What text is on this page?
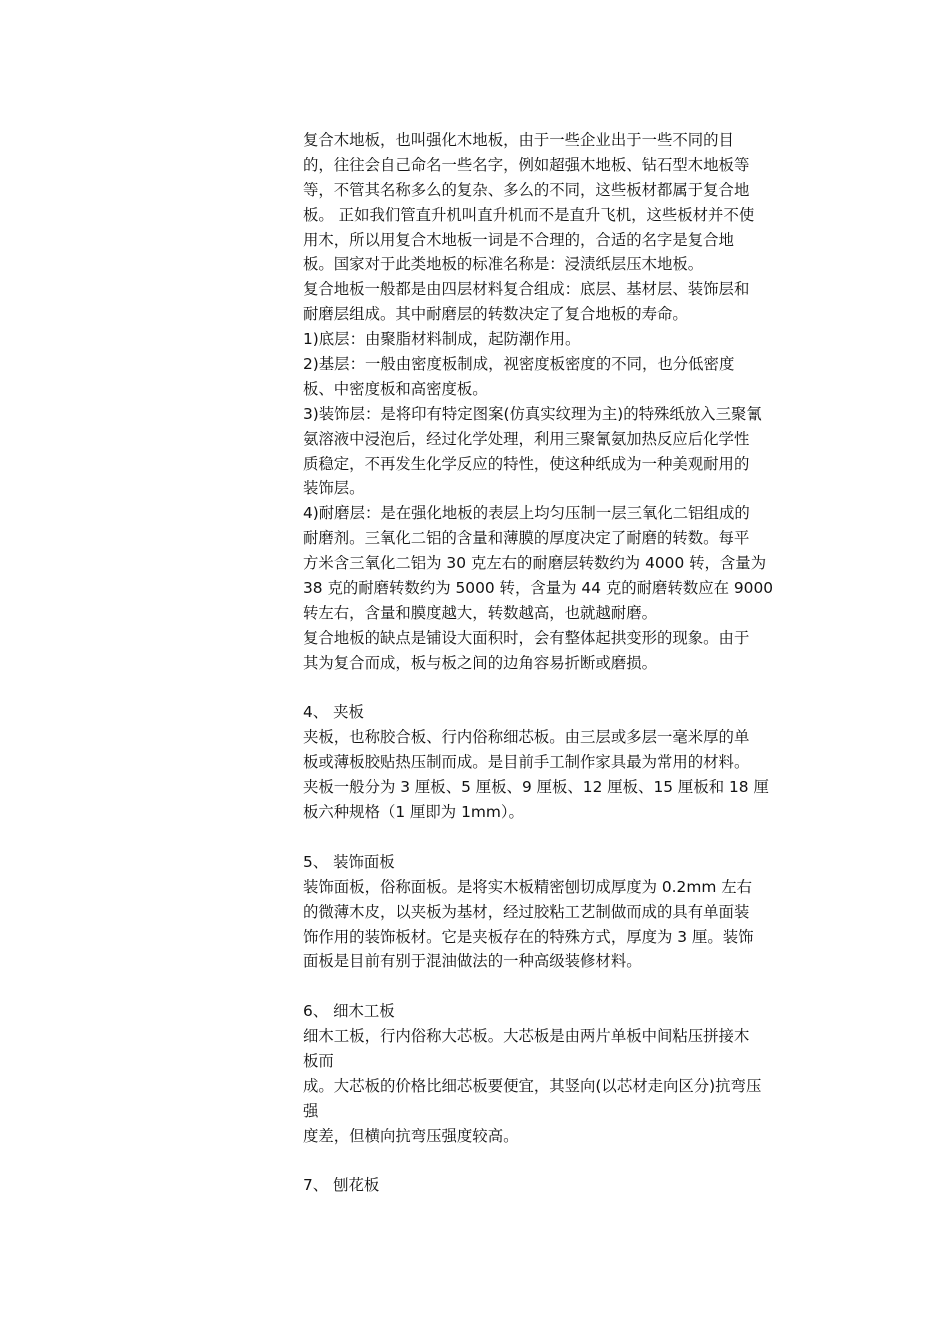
复合木地板，也叫强化木地板，由于一些企业出于一些不同的目
的，往往会自己命名一些名字，例如超强木地板、钻石型木地板等
等，不管其名称多么的复杂、多么的不同，这些板材都属于复合地
板。 正如我们管直升机叫直升机而不是直升飞机，这些板材并不使
用木，所以用复合木地板一词是不合理的，合适的名字是复合地
板。国家对于此类地板的标准名称是：浸渍纸层压木地板。
复合地板一般都是由四层材料复合组成：底层、基材层、装饰层和
耐磨层组成。其中耐磨层的转数决定了复合地板的寿命。
1)底层：由聚脂材料制成，起防潮作用。
2)基层：一般由密度板制成，视密度板密度的不同，也分低密度
板、中密度板和高密度板。
3)装饰层：是将印有特定图案(仿真实纹理为主)的特殊纸放入三聚氰
氨溶液中浸泡后，经过化学处理，利用三聚氰氨加热反应后化学性
质稳定，不再发生化学反应的特性，使这种纸成为一种美观耐用的
装饰层。
4)耐磨层：是在强化地板的表层上均匀压制一层三氧化二铝组成的
耐磨剂。三氧化二铝的含量和薄膜的厚度决定了耐磨的转数。每平
方米含三氧化二铝为 30 克左右的耐磨层转数约为 4000 转，含量为
38 克的耐磨转数约为 5000 转，含量为 44 克的耐磨转数应在 9000
转左右，含量和膜度越大，转数越高，也就越耐磨。
复合地板的缺点是铺设大面积时，会有整体起拱变形的现象。由于
其为复合而成，板与板之间的边角容易折断或磨损。
4、 夹板
夹板，也称胶合板、行内俗称细芯板。由三层或多层一毫米厚的单
板或薄板胶贴热压制而成。是目前手工制作家具最为常用的材料。
夹板一般分为 3 厘板、5 厘板、9 厘板、12 厘板、15 厘板和 18 厘
板六种规格（1 厘即为 1mm）。
5、 装饰面板
装饰面板，俗称面板。是将实木板精密刨切成厚度为 0.2mm 左右
的微薄木皮，以夹板为基材，经过胶粘工艺制做而成的具有单面装
饰作用的装饰板材。它是夹板存在的特殊方式，厚度为 3 厘。装饰
面板是目前有别于混油做法的一种高级装修材料。
6、 细木工板
细木工板，行内俗称大芯板。大芯板是由两片单板中间粘压拼接木
板而
成。大芯板的价格比细芯板要便宜，其竖向(以芯材走向区分)抗弯压
强
度差，但横向抗弯压强度较高。
7、 刨花板
